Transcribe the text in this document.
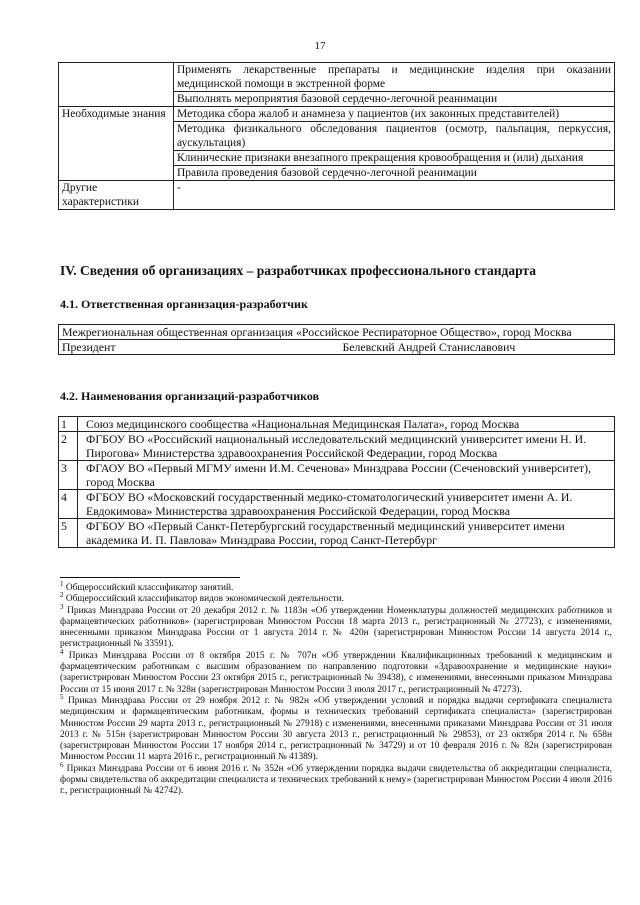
17
	Применять лекарственные препараты и медицинские изделия при оказании медицинской помощи в экстренной форме
	Выполнять мероприятия базовой сердечно-легочной реанимации
Необходимые знания	Методика сбора жалоб и анамнеза у пациентов (их законных представителей)
	Методика физикального обследования пациентов (осмотр, пальпация, перкуссия, аускультация)
	Клинические признаки внезапного прекращения кровообращения и (или) дыхания
	Правила проведения базовой сердечно-легочной реанимации
Другие характеристики	-
IV. Сведения об организациях – разработчиках профессионального стандарта
4.1. Ответственная организация-разработчик
Межрегиональная общественная организация «Российское Респираторное Общество», город Москва
Президент	Белевский Андрей Станиславович
4.2. Наименования организаций-разработчиков
1	Союз медицинского сообщества «Национальная Медицинская Палата», город Москва
2	ФГБОУ ВО «Российский национальный исследовательский медицинский университет имени Н. И. Пирогова» Министерства здравоохранения Российской Федерации, город Москва
3	ФГАОУ ВО «Первый МГМУ имени И.М. Сеченова» Минздрава России (Сеченовский университет), город Москва
4	ФГБОУ ВО «Московский государственный медико-стоматологический университет имени А. И. Евдокимова» Министерства здравоохранения Российской Федерации, город Москва
5	ФГБОУ ВО «Первый Санкт-Петербургский государственный медицинский университет имени академика И. П. Павлова» Минздрава России, город Санкт-Петербург

$^1$ Общероссийский классификатор занятий.

$^2$ Общероссийский классификатор видов экономической деятельности.

$^3$ Приказ Минздрава России от 20 декабря 2012 г. № 1183н «Об утверждении Номенклатуры должностей медицинских работников и фармацевтических работников» (зарегистрирован Минюстом России 18 марта 2013 г., регистрационный № 27723), с изменениями, внесенными приказом Минздрава России от 1 августа 2014 г. № 420н (зарегистрирован Минюстом России 14 августа 2014 г., регистрационный № 33591).

$^4$ Приказ Минздрава России от 8 октября 2015 г. № 707н «Об утверждении Квалификационных требований к медицинским и фармацевтическим работникам с высшим образованием по направлению подготовки «Здравоохранение и медицинские науки» (зарегистрирован Минюстом России 23 октября 2015 г., регистрационный № 39438), с изменениями, внесенными приказом Минздрава России от 15 июня 2017 г. № 328н (зарегистрирован Минюстом России 3 июля 2017 г., регистрационный № 47273).

$^5$ Приказ Минздрава России от 29 ноября 2012 г. № 982н «Об утверждении условий и порядка выдачи сертификата специалиста медицинским и фармацевтическим работникам, формы и технических требований сертификата специалиста» (зарегистрирован Минюстом России 29 марта 2013 г., регистрационный № 27918) с изменениями, внесенными приказами Минздрава России от 31 июля 2013 г. № 515н (зарегистрирован Минюстом России 30 августа 2013 г., регистрационный № 29853), от 23 октября 2014 г. № 658н (зарегистрирован Минюстом России 17 ноября 2014 г., регистрационный № 34729) и от 10 февраля 2016 г. № 82н (зарегистрирован Минюстом России 11 марта 2016 г., регистрационный № 41389).

$^6$ Приказ Минздрава России от 6 июня 2016 г. № 352н «Об утверждении порядка выдачи свидетельства об аккредитации специалиста, формы свидетельства об аккредитации специалиста и технических требований к нему» (зарегистрирован Минюстом России 4 июля 2016 г., регистрационный № 42742).
